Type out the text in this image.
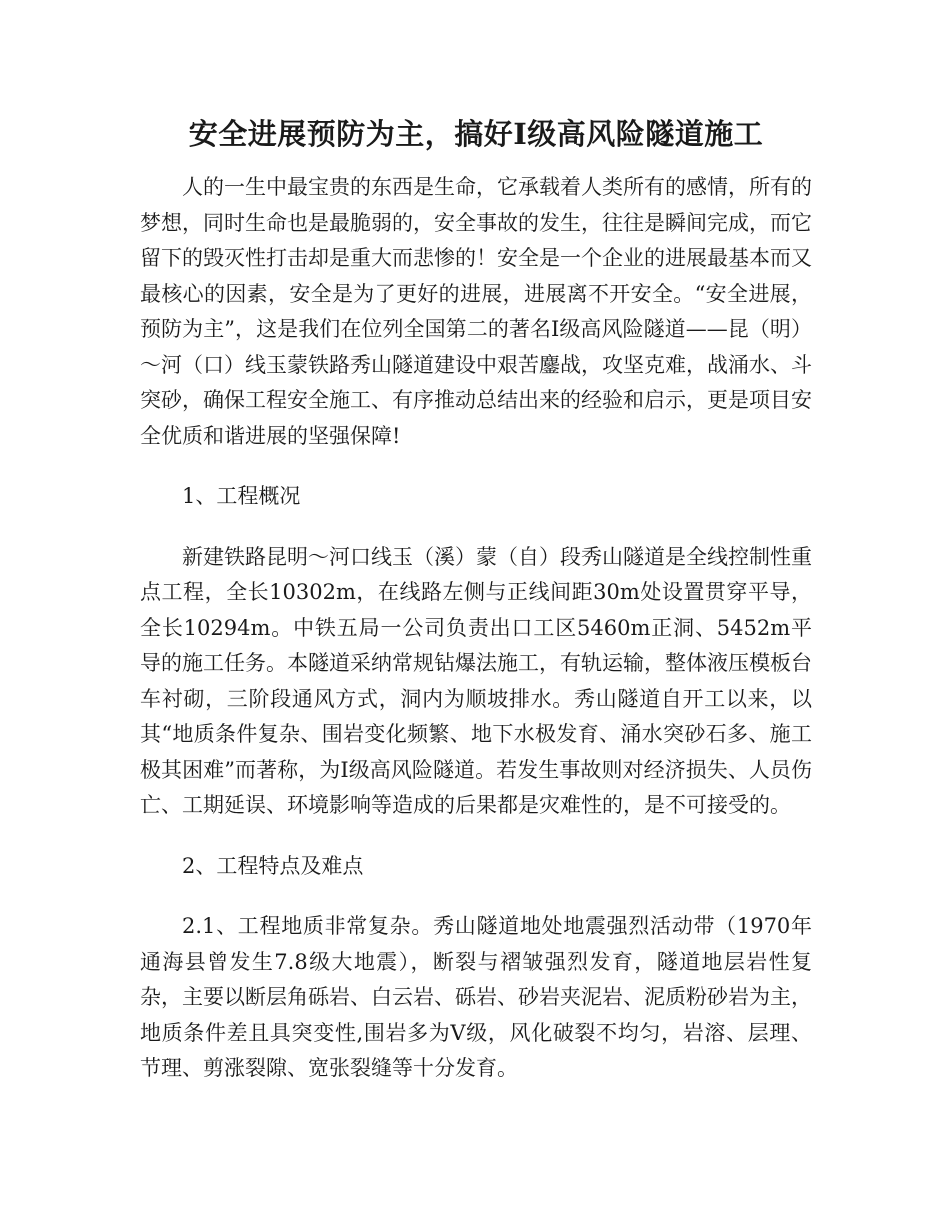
安全进展预防为主，搞好Ⅰ级高风险隧道施工

人的一生中最宝贵的东西是生命，它承载着人类所有的感情，所有的梦想，同时生命也是最脆弱的，安全事故的发生，往往是瞬间完成，而它留下的毁灭性打击却是重大而悲惨的！安全是一个企业的进展最基本而又最核心的因素，安全是为了更好的进展，进展离不开安全。“安全进展，预防为主”，这是我们在位列全国第二的著名Ⅰ级高风险隧道——昆（明）～河（口）线玉蒙铁路秀山隧道建设中艰苦鏖战，攻坚克难，战涌水、斗突砂，确保工程安全施工、有序推动总结出来的经验和启示，更是项目安全优质和谐进展的坚强保障!

1、工程概况

新建铁路昆明～河口线玉（溪）蒙（自）段秀山隧道是全线控制性重点工程，全长10302m，在线路左侧与正线间距30m处设置贯穿平导，全长10294m。中铁五局一公司负责出口工区5460m正洞、5452m平导的施工任务。本隧道采纳常规钻爆法施工，有轨运输，整体液压模板台车衬砌，三阶段通风方式，洞内为顺坡排水。秀山隧道自开工以来，以其“地质条件复杂、围岩变化频繁、地下水极发育、涌水突砂石多、施工极其困难”而著称，为Ⅰ级高风险隧道。若发生事故则对经济损失、人员伤亡、工期延误、环境影响等造成的后果都是灾难性的，是不可接受的。

2、工程特点及难点

2.1、工程地质非常复杂。秀山隧道地处地震强烈活动带（1970年通海县曾发生7.8级大地震），断裂与褶皱强烈发育，隧道地层岩性复杂，主要以断层角砾岩、白云岩、砾岩、砂岩夹泥岩、泥质粉砂岩为主，地质条件差且具突变性,围岩多为Ⅴ级，风化破裂不均匀，岩溶、层理、节理、剪涨裂隙、宽张裂缝等十分发育。
